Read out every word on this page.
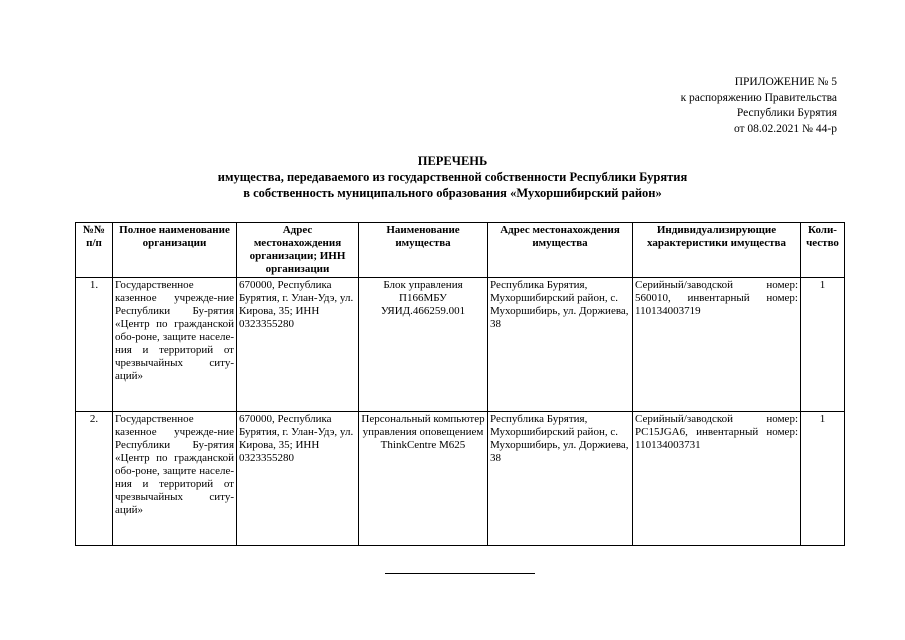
ПРИЛОЖЕНИЕ № 5
к распоряжению Правительства
Республики Бурятия
от 08.02.2021 № 44-р
ПЕРЕЧЕНЬ
имущества, передаваемого из государственной собственности Республики Бурятия
в собственность муниципального образования «Мухоршибирский район»
№№ п/п	Полное наименование организации	Адрес местонахождения организации; ИНН организации	Наименование имущества	Адрес местонахождения имущества	Индивидуализирующие характеристики имущества	Коли-чество
1.	Государственное казенное учрежде-ние Республики Бу-рятия «Центр по гражданской обо-роне, защите населе-ния и территорий от чрезвычайных ситу-аций»	670000, Республика Бурятия, г. Улан-Удэ, ул. Кирова, 35; ИНН 0323355280	Блок управления П166МБУ УЯИД.466259.001	Республика Бурятия, Мухоршибирский район, с. Мухоршибирь, ул. Доржиева, 38	Серийный/заводской номер: 560010, инвентарный номер: 110134003719	1
2.	Государственное казенное учрежде-ние Республики Бу-рятия «Центр по гражданской обо-роне, защите населе-ния и территорий от чрезвычайных ситу-аций»	670000, Республика Бурятия, г. Улан-Удэ, ул. Кирова, 35; ИНН 0323355280	Персональный компьютер управления оповещением ThinkCentre M625	Республика Бурятия, Мухоршибирский район, с. Мухоршибирь, ул. Доржиева, 38	Серийный/заводской номер: PC15JGA6, инвентарный номер: 110134003731	1
